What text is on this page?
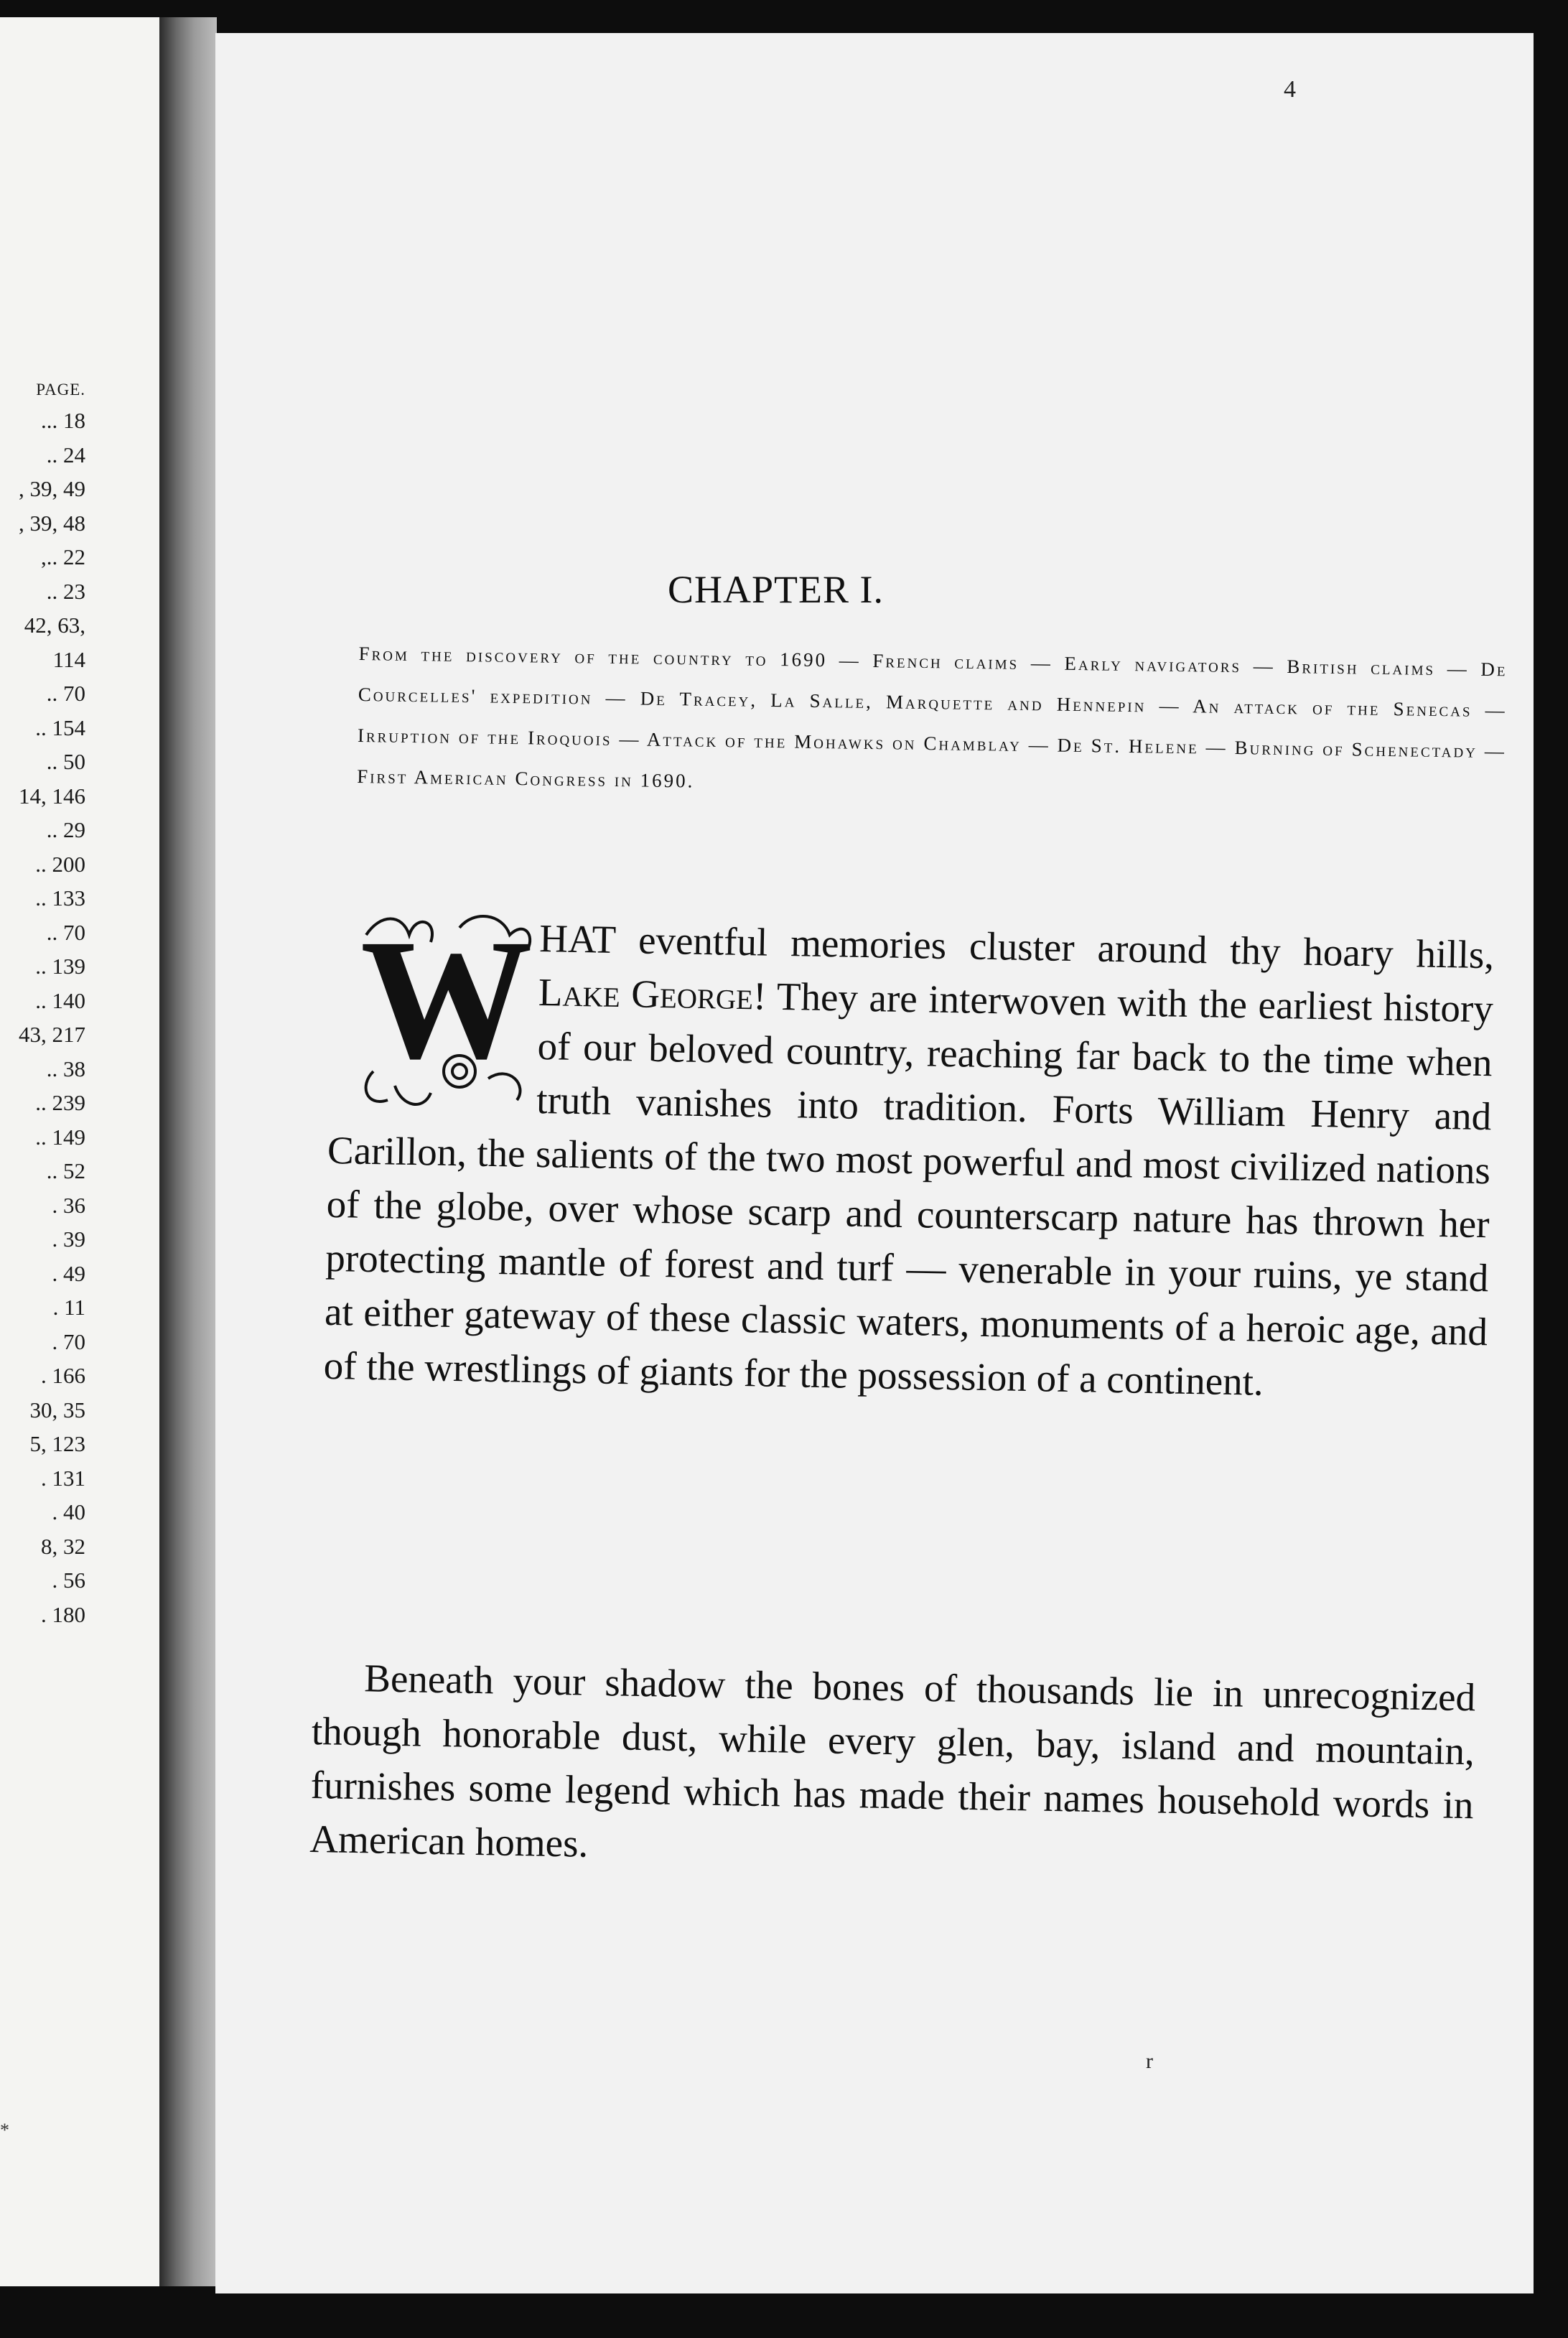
PAGE.
... 18
.. 24
, 39, 49
, 39, 48
,.. 22
.. 23
42, 63,
114
.. 70
.. 154
.. 50
14, 146
.. 29
.. 200
.. 133
.. 70
.. 139
.. 140
43, 217
.. 38
.. 239
.. 149
.. 52
. 36
. 39
. 49
. 11
. 70
. 166
30, 35
5, 123
. 131
. 40
8, 32
. 56
. 180
*
4
CHAPTER I.

From the discovery of the country to 1690 — French claims — Early navigators — British claims — De Courcelles' expedition — De Tracey, La Salle, Marquette and Hennepin — An attack of the Senecas — Irruption of the Iroquois — Attack of the Mohawks on Chamblay — De St. Helene — Burning of Schenectady — First American Congress in 1690.

HAT eventful memories cluster around thy hoary hills, Lake George! They are interwoven with the earliest history of our beloved country, reaching far back to the time when truth vanishes into tradition. Forts William Henry and Carillon, the salients of the two most powerful and most civilized nations of the globe, over whose scarp and counterscarp nature has thrown her protecting mantle of forest and turf — venerable in your ruins, ye stand at either gateway of these classic waters, monuments of a heroic age, and of the wrestlings of giants for the possession of a continent.

W

Beneath your shadow the bones of thousands lie in unrecognized though honorable dust, while every glen, bay, island and mountain, furnishes some legend which has made their names household words in American homes.

r
